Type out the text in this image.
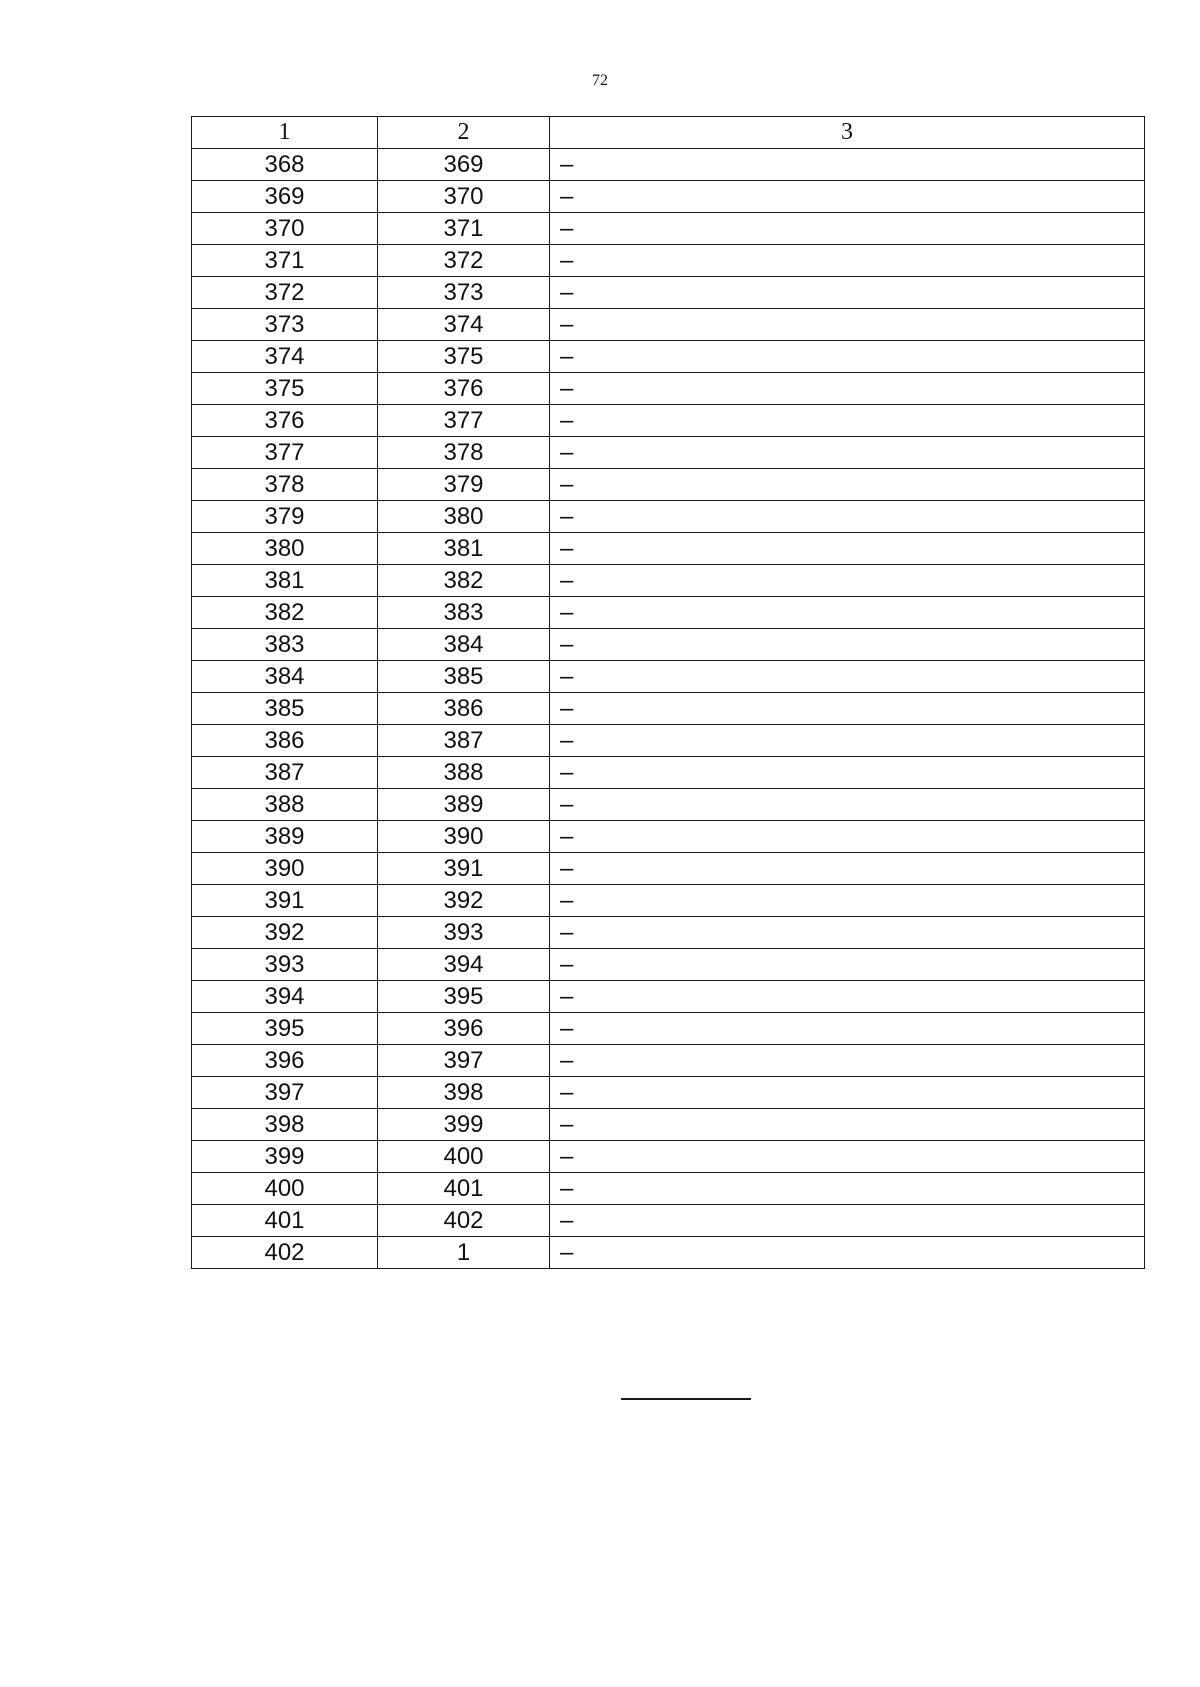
72
1	2	3
368	369	–
369	370	–
370	371	–
371	372	–
372	373	–
373	374	–
374	375	–
375	376	–
376	377	–
377	378	–
378	379	–
379	380	–
380	381	–
381	382	–
382	383	–
383	384	–
384	385	–
385	386	–
386	387	–
387	388	–
388	389	–
389	390	–
390	391	–
391	392	–
392	393	–
393	394	–
394	395	–
395	396	–
396	397	–
397	398	–
398	399	–
399	400	–
400	401	–
401	402	–
402	1	–
